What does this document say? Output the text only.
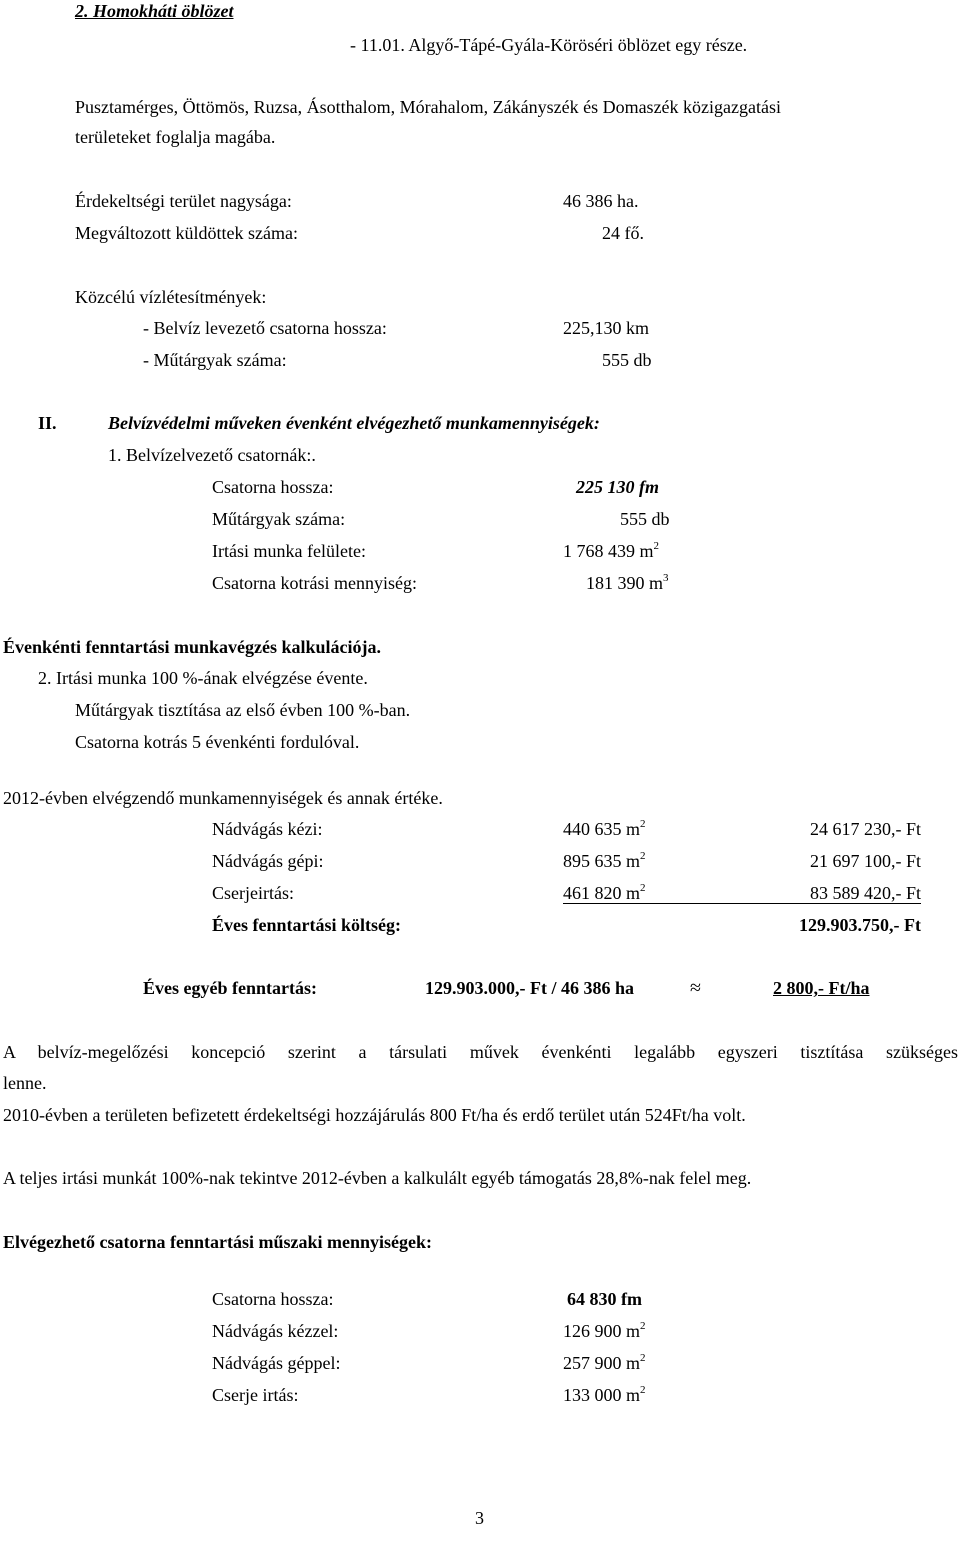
2. Homokháti öblözet
- 11.01. Algyő-Tápé-Gyála-Köröséri öblözet egy része.
Pusztamérges, Öttömös, Ruzsa, Ásotthalom, Mórahalom, Zákányszék és Domaszék közigazgatási
területeket foglalja magába.
Érdekeltségi terület nagysága:	46 386 ha.
Megváltozott küldöttek száma:	24 fő.
Közcélú vízlétesítmények:
- Belvíz levezető csatorna hossza:	225,130 km
- Műtárgyak száma:	555 db
II.	Belvízvédelmi műveken évenként elvégezhető munkamennyiségek:
1. Belvízelvezető csatornák:.
Csatorna hossza:	225 130 fm
Műtárgyak száma:	555 db
Irtási munka felülete:	1 768 439 $m^2$
Csatorna kotrási mennyiség:	181 390 $m^3$
Évenkénti fenntartási munkavégzés kalkulációja.
2. Irtási munka 100 %-ának elvégzése évente.
Műtárgyak tisztítása az első évben 100 %-ban.
Csatorna kotrás 5 évenkénti fordulóval.
2012-évben elvégzendő munkamennyiségek és annak értéke.
Nádvágás kézi:	440 635 $m^2$	24 617 230,- Ft
Nádvágás gépi:	895 635 $m^2$	21 697 100,- Ft
Cserjeirtás:	461 820 $m^2$	83 589 420,- Ft
Éves fenntartási költség:	129.903.750,- Ft
Éves egyéb fenntartás:	129.903.000,- Ft / 46 386 ha	≈	2 800,- Ft/ha
A belvíz-megelőzési koncepció szerint a társulati művek évenkénti legalább egyszeri tisztítása szükséges
lenne.
2010-évben a területen befizetett érdekeltségi hozzájárulás 800 Ft/ha és erdő terület után 524Ft/ha volt.
A teljes irtási munkát 100%-nak tekintve 2012-évben a kalkulált egyéb támogatás 28,8%-nak felel meg.
Elvégezhető csatorna fenntartási műszaki mennyiségek:
Csatorna hossza:	64 830 fm
Nádvágás kézzel:	126 900 $m^2$
Nádvágás géppel:	257 900 $m^2$
Cserje irtás:	133 000 $m^2$
3
